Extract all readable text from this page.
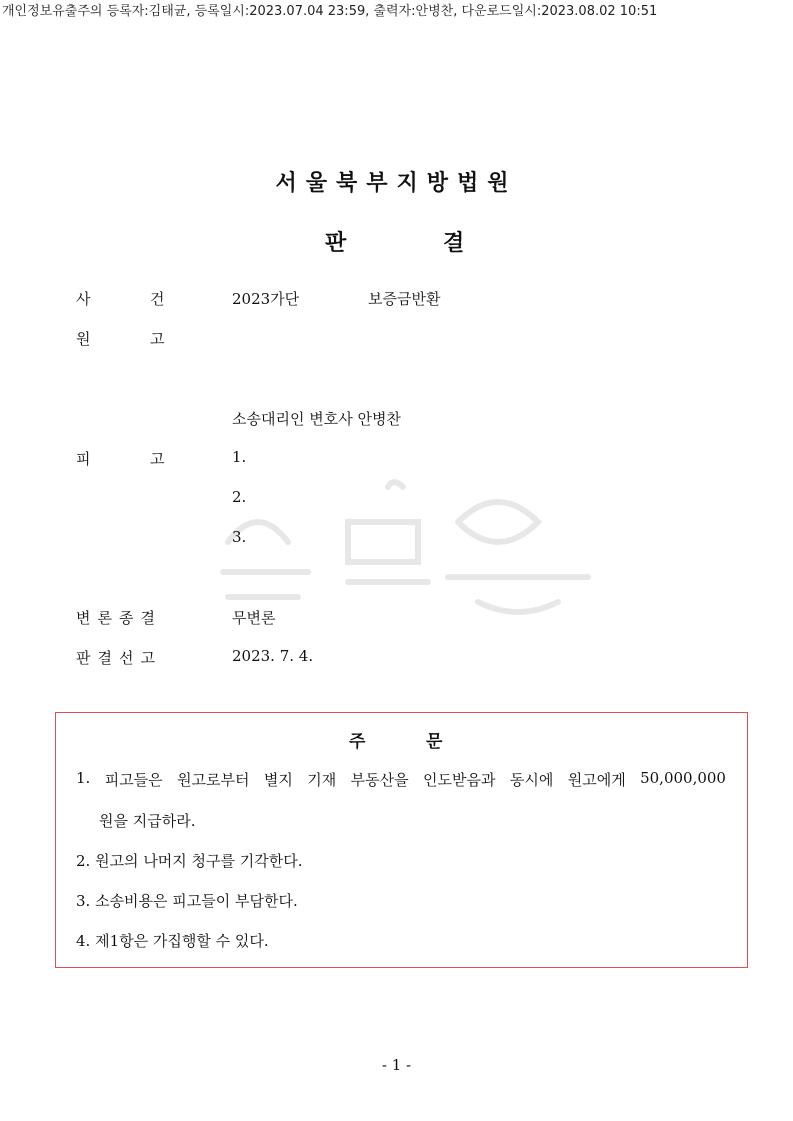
개인정보유출주의 등록자:김태균, 등록일시:2023.07.04 23:59, 출력자:안병찬, 다운로드일시:2023.08.02 10:51
서울북부지방법원
판	결
사	건	2023가단	보증금반환
원	고
소송대리인 변호사 안병찬
피	고	1.
2.
3.
변론종결	무변론
판결선고	2023. 7. 4.
주	문
1. 피고들은 원고로부터 별지 기재 부동산을 인도받음과 동시에 원고에게 50,000,000
원을 지급하라.
2. 원고의 나머지 청구를 기각한다.
3. 소송비용은 피고들이 부담한다.
4. 제1항은 가집행할 수 있다.
- 1 -
